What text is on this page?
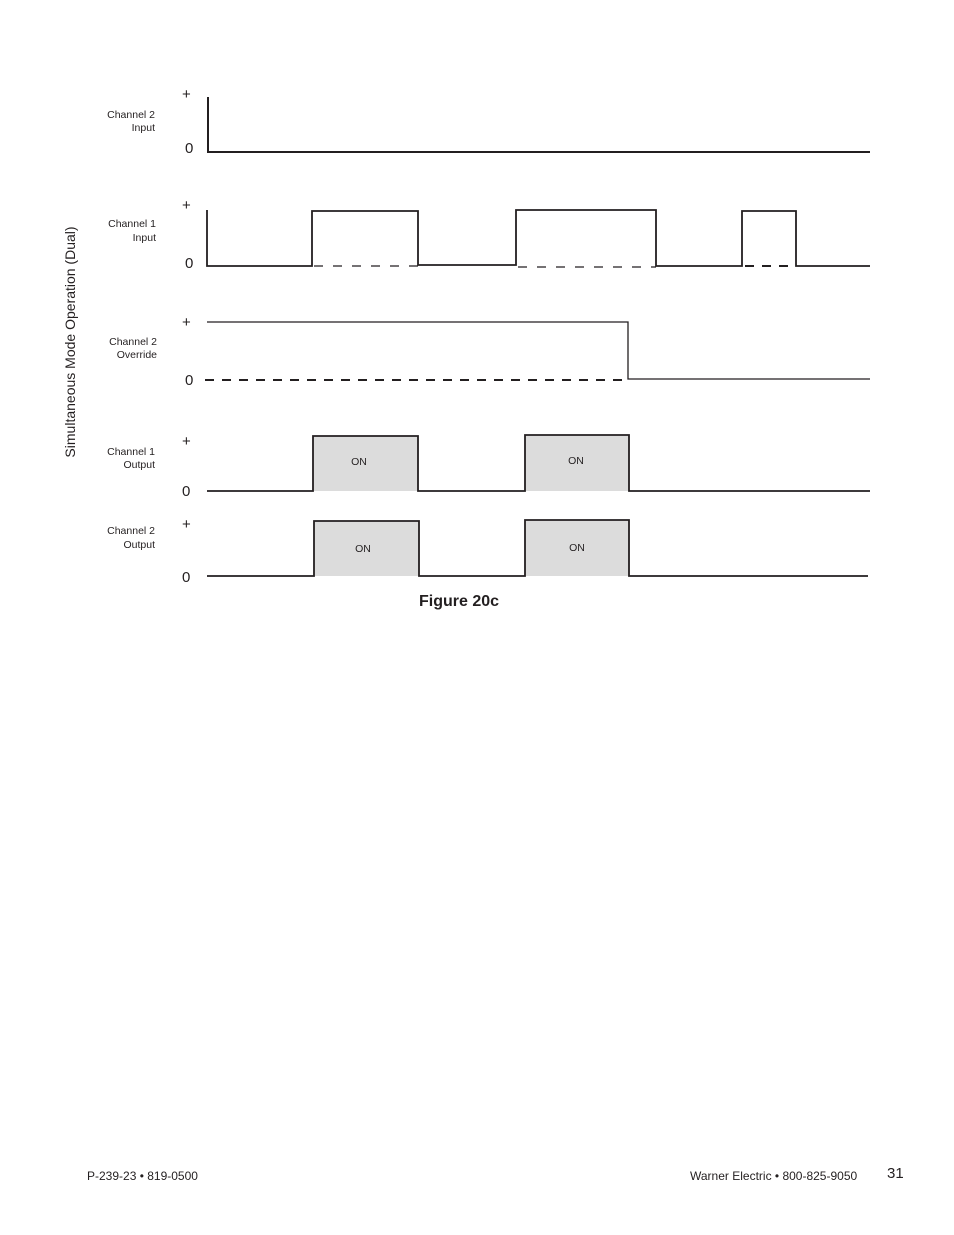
Simultaneous Mode Operation (Dual)
Channel 2
Input
+
0
Channel 1
Input
+
0
Channel 2
Override
+
0
Channel 1
Output
+
0
ON	ON
Channel 2
Output
+
0
ON	ON
Figure 20c
P-239-23 • 819-0500	Warner Electric • 800-825-9050 31
